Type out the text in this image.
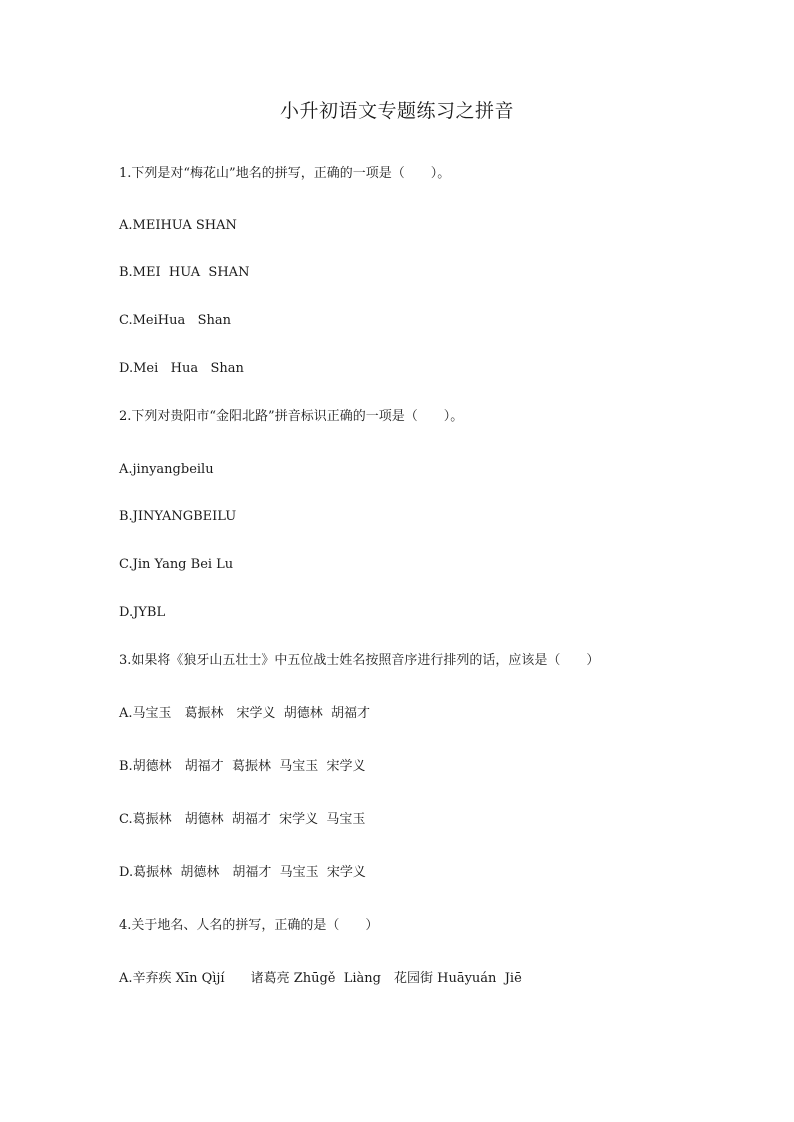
小升初语文专题练习之拼音
1.下列是对“梅花山”地名的拼写，正确的一项是（　　）。
A.MEIHUA SHAN
B.MEI  HUA  SHAN
C.MeiHua   Shan
D.Mei   Hua   Shan
2.下列对贵阳市“金阳北路”拼音标识正确的一项是（　　）。
A.jinyangbeilu
B.JINYANGBEILU
C.Jin Yang Bei Lu
D.JYBL
3.如果将《狼牙山五壮士》中五位战士姓名按照音序进行排列的话，应该是（　　）
A.马宝玉　葛振林　宋学义  胡德林  胡福才
B.胡德林　胡福才  葛振林  马宝玉  宋学义
C.葛振林　胡德林  胡福才  宋学义  马宝玉
D.葛振林  胡德林　胡福才  马宝玉  宋学义
4.关于地名、人名的拼写，正确的是（　　）
A.辛弃疾 Xīn Qìjí　　诸葛亮 Zhūgě  Liàng　花园街 Huāyuán  Jiē
